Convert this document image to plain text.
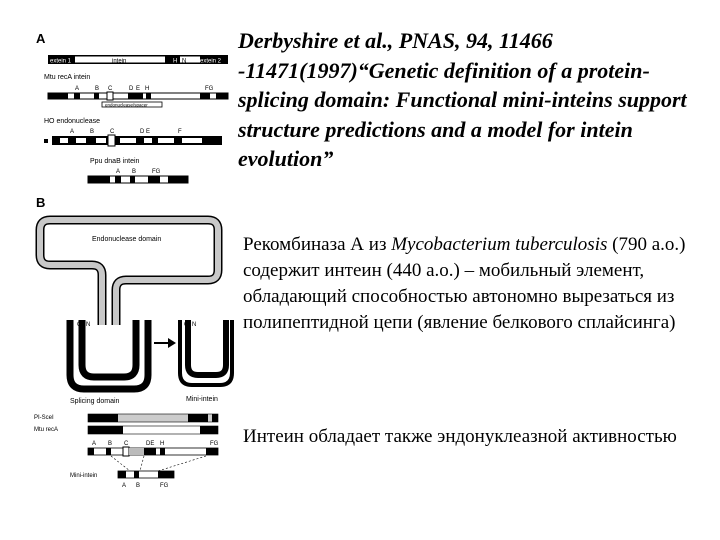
A
extein 1	intein	H N extein 2
Mtu recA intein
A	B C	D E H	FG
endonuclease/spacer
HO endonuclease
A	B	C	D E	F
Ppu dnaB intein
A B	FG
B
Endonuclease domain
C N
Splicing domain
C N
Mini-intein
PI-SceI
Mtu recA
A B C	DE H	FG
Mini-intein
A B	FG

Derbyshire et al., PNAS, 94, 11466 -11471(1997)“Genetic definition of a protein-splicing domain: Functional mini-inteins support structure predictions and a model for intein evolution”

Рекомбиназа А из Mycobacterium tuberculosis (790 а.о.) содержит интеин (440 а.о.) – мобильный элемент, обладающий способностью автономно вырезаться из полипептидной цепи (явление белкового сплайсинга)

Интеин обладает также эндонуклеазной активностью
